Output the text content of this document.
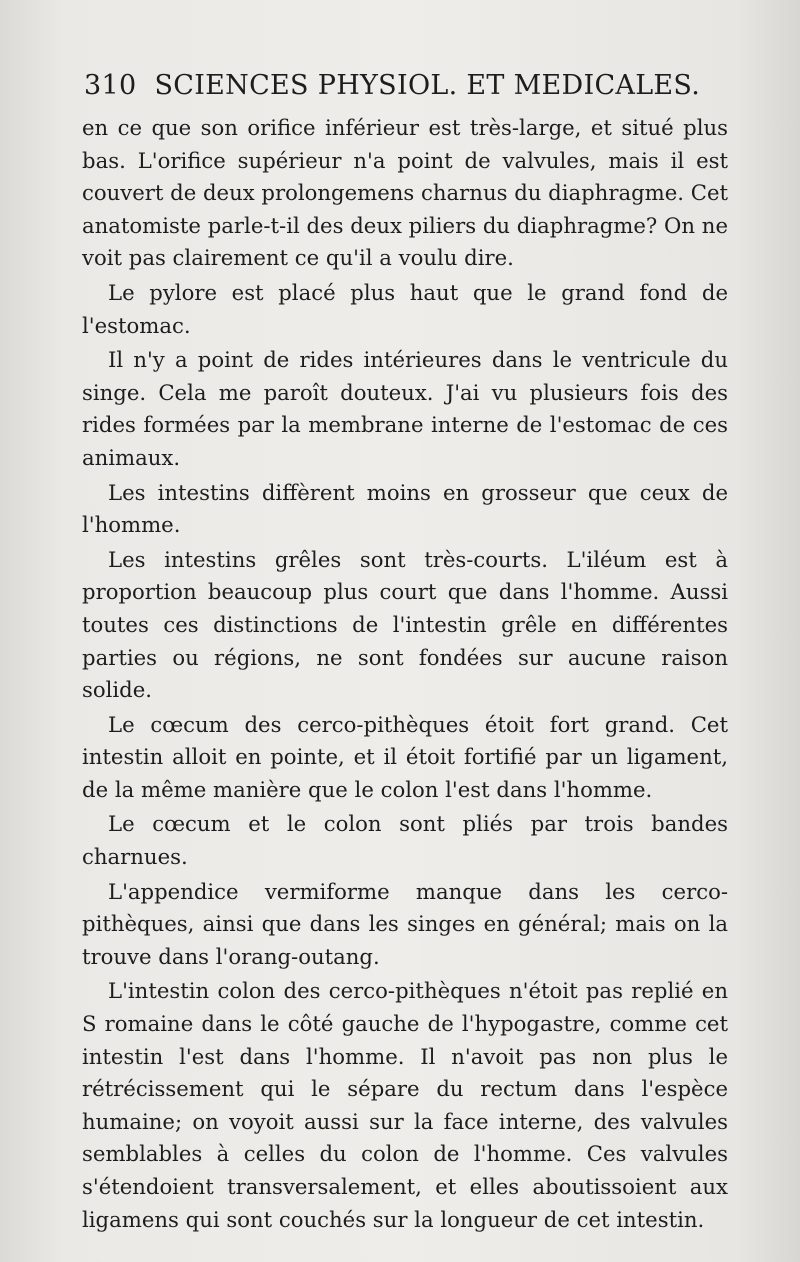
310 SCIENCES PHYSIOL. ET MEDICALES.

en ce que son orifice inférieur est très-large, et situé plus bas. L'orifice supérieur n'a point de valvules, mais il est couvert de deux prolongemens charnus du diaphragme. Cet anatomiste parle-t-il des deux piliers du diaphragme? On ne voit pas clairement ce qu'il a voulu dire.

Le pylore est placé plus haut que le grand fond de l'estomac.

Il n'y a point de rides intérieures dans le ventricule du singe. Cela me paroît douteux. J'ai vu plusieurs fois des rides formées par la membrane interne de l'estomac de ces animaux.

Les intestins diffèrent moins en grosseur que ceux de l'homme.

Les intestins grêles sont très-courts. L'iléum est à proportion beaucoup plus court que dans l'homme. Aussi toutes ces distinctions de l'intestin grêle en différentes parties ou régions, ne sont fondées sur aucune raison solide.

Le cœcum des cerco-pithèques étoit fort grand. Cet intestin alloit en pointe, et il étoit fortifié par un ligament, de la même manière que le colon l'est dans l'homme.

Le cœcum et le colon sont pliés par trois bandes charnues.

L'appendice vermiforme manque dans les cerco-pithèques, ainsi que dans les singes en général; mais on la trouve dans l'orang-outang.

L'intestin colon des cerco-pithèques n'étoit pas replié en S romaine dans le côté gauche de l'hypogastre, comme cet intestin l'est dans l'homme. Il n'avoit pas non plus le rétrécissement qui le sépare du rectum dans l'espèce humaine; on voyoit aussi sur la face interne, des valvules semblables à celles du colon de l'homme. Ces valvules s'étendoient transversalement, et elles aboutissoient aux ligamens qui sont couchés sur la longueur de cet intestin.
